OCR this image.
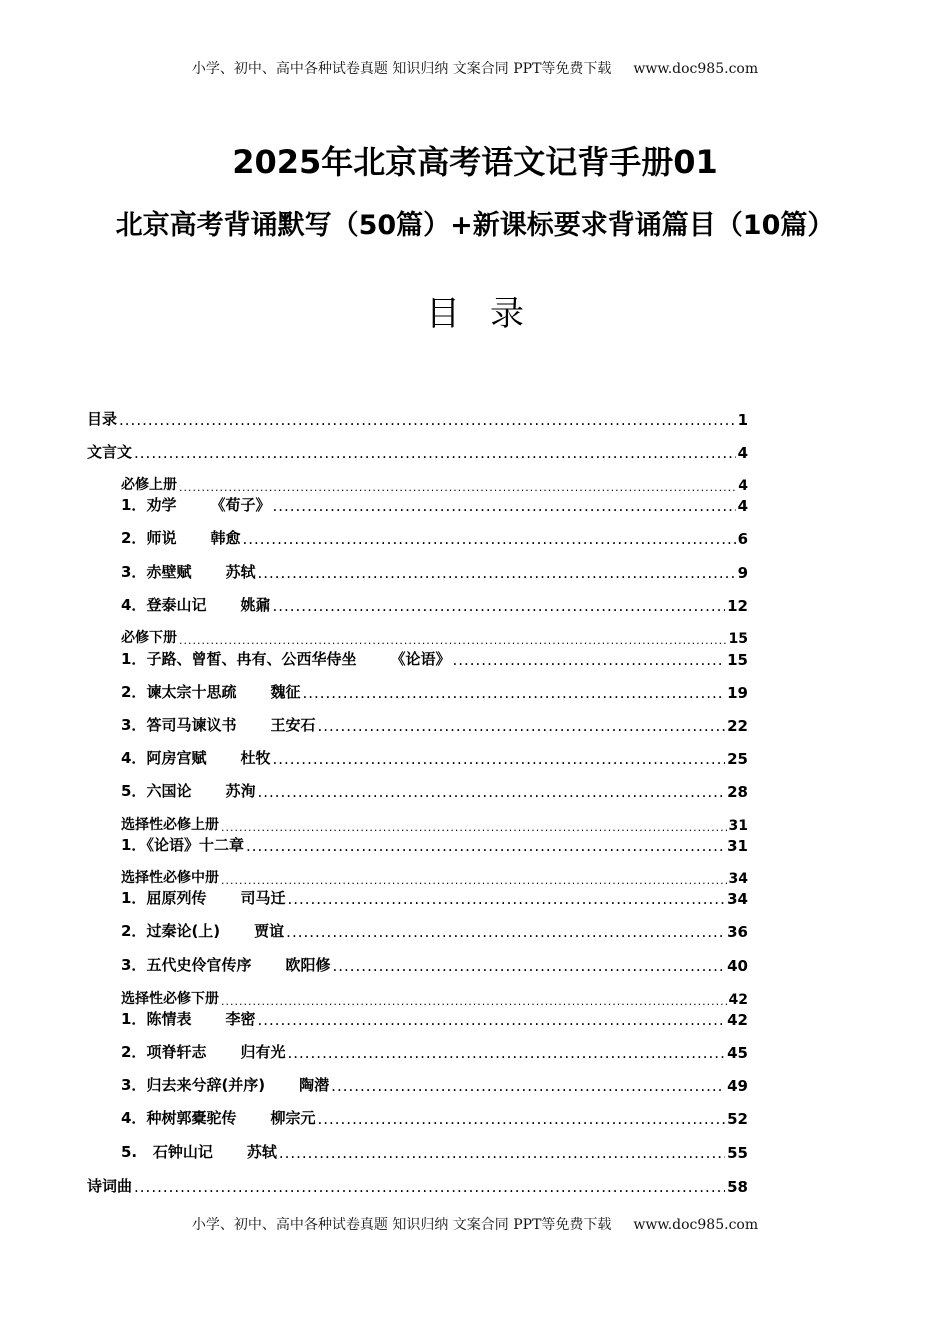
小学、初中、高中各种试卷真题 知识归纳 文案合同 PPT等免费下载 www.doc985.com
2025年北京高考语文记背手册01
北京高考背诵默写（50篇）+新课标要求背诵篇目（10篇）
目录
目录 .....	1
文言文 .....	4
必修上册 .....	4
1．劝学 《荀子》 .....	4
2．师说 韩愈 .....	6
3．赤壁赋 苏轼 .....	9
4．登泰山记 姚鼐 .....	12
必修下册 .....	15
1．子路、曾皙、冉有、公西华侍坐 《论语》 .....	15
2．谏太宗十思疏 魏征 .....	19
3．答司马谏议书 王安石 .....	22
4．阿房宫赋 杜牧 .....	25
5．六国论 苏洵 .....	28
选择性必修上册 .....	31
1．《论语》十二章 .....	31
选择性必修中册 .....	34
1．屈原列传 司马迁 .....	34
2．过秦论(上) 贾谊 .....	36
3．五代史伶官传序 欧阳修 .....	40
选择性必修下册 .....	42
1．陈情表 李密 .....	42
2．项脊轩志 归有光 .....	45
3．归去来兮辞(并序) 陶潜 .....	49
4．种树郭橐驼传 柳宗元 .....	52
5. 石钟山记 苏轼 .....	55
诗词曲 .....	58
小学、初中、高中各种试卷真题 知识归纳 文案合同 PPT等免费下载 www.doc985.com
